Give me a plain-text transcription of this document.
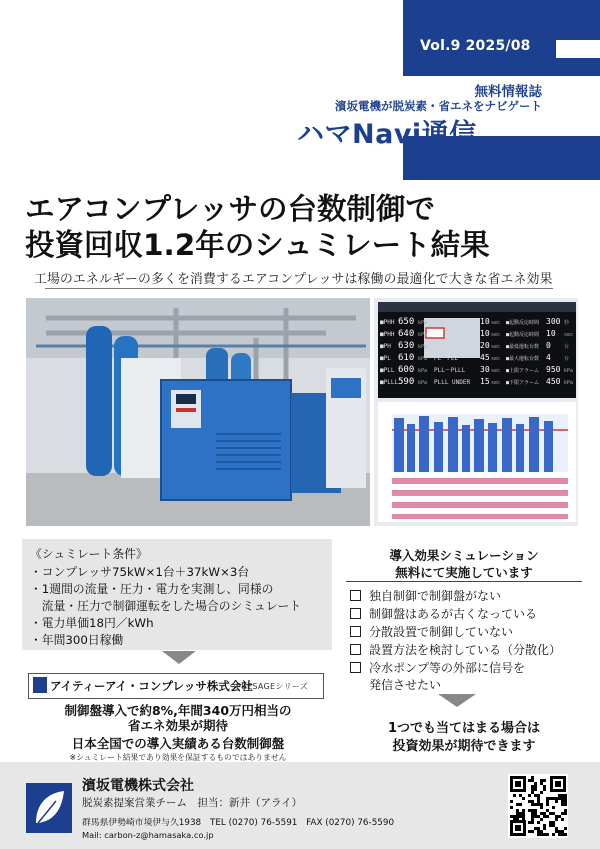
Vol.9 2025/08
無料情報誌
濱坂電機が脱炭素・省エネをナビゲート
ハマNavi通信
エアコンプレッサの台数制御で
投資回収1.2年のシュミレート結果
工場のエネルギーの多くを消費するエアコンプレッサは稼働の最適化で大きな省エネ効果
■PHH 650 kPa	10 sec ■起動反応時間 300 秒
■PHH 640 kPa	10 sec ■起動反応時間 10 sec
■PH 630 kPa	20 sec ■最低運転台数 0	台
■PL 610 kPa PL〜PLL	45 sec ■最大運転台数 4	台
■PLL 600 kPa PLL〜PLLL 30 sec ■上限アラーム 950 kPa
■PLLL 590 kPa PLLL UNDER 15 sec ■下限アラーム 450 kPa
《シュミレート条件》
・コンプレッサ75kW×1台＋37kW×3台
・1週間の流量・圧力・電力を実測し、同様の
　流量・圧力で制御運転をした場合のシミュレート
・電力単価18円／kWh
・年間300日稼働
アイティーアイ・コンプレッサ株式会社
PRESAGEシリーズ
制御盤導入で約8%,年間340万円相当の
省エネ効果が期待
日本全国での導入実績ある台数制御盤
※シュミレート結果であり効果を保証するものではありません
導入効果シミュレーション
無料にて実施しています
独自制御で制御盤がない
制御盤はあるが古くなっている
分散設置で制御していない
設置方法を検討している（分散化）
冷水ポンプ等の外部に信号を
発信させたい
1つでも当てはまる場合は
投資効果が期待できます
濱坂電機株式会社
脱炭素提案営業チーム　担当：新井（アライ）
群馬県伊勢崎市境伊与久1938　TEL (0270) 76-5591　FAX (0270) 76-5590
Mail: carbon-z@hamasaka.co.jp
